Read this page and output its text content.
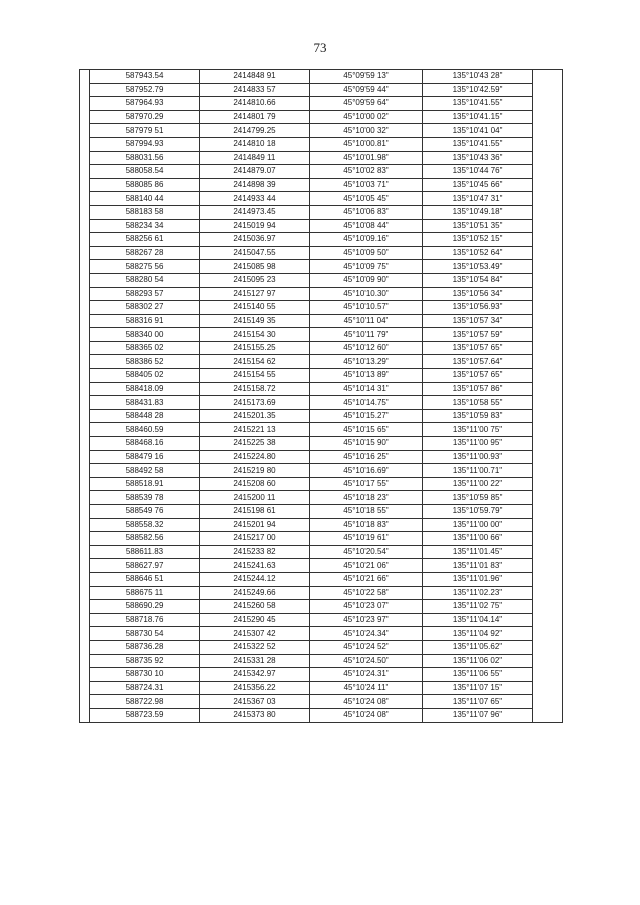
73
	587943.54	2414848 91	45°09'59 13"	135°10'43 28"	
	587952.79	2414833 57	45°09'59 44"	135°10'42.59"	
	587964.93	2414810.66	45°09'59 64"	135°10'41.55"	
	587970.29	2414801 79	45°10'00 02"	135°10'41.15"	
	587979 51	2414799.25	45°10'00 32"	135°10'41 04"	
	587994.93	2414810 18	45°10'00.81"	135°10'41.55"	
	588031.56	2414849 11	45°10'01.98"	135°10'43 36"	
	588058.54	2414879.07	45°10'02 83"	135°10'44 76"	
	588085 86	2414898 39	45°10'03 71"	135°10'45 66"	
	588140 44	2414933 44	45°10'05 45"	135°10'47 31"	
	588183 58	2414973.45	45°10'06 83"	135°10'49.18"	
	588234 34	2415019 94	45°10'08 44"	135°10'51 35"	
	588256 61	2415036.97	45°10'09.16"	135°10'52 15"	
	588267 28	2415047.55	45°10'09 50"	135°10'52 64"	
	588275 56	2415085 98	45°10'09 75"	135°10'53.49"	
	588280 54	2415095 23	45°10'09 90"	135°10'54 84"	
	588293 57	2415127 97	45°10'10.30"	135°10'56 34"	
	588302 27	2415140 55	45°10'10.57"	135°10'56.93"	
	588316 91	2415149 35	45°10'11 04"	135°10'57 34"	
	588340 00	2415154 30	45°10'11 79"	135°10'57 59"	
	588365 02	2415155.25	45°10'12 60"	135°10'57 65"	
	588386 52	2415154 62	45°10'13.29"	135°10'57.64"	
	588405 02	2415154 55	45°10'13 89"	135°10'57 65"	
	588418.09	2415158.72	45°10'14 31"	135°10'57 86"	
	588431.83	2415173.69	45°10'14.75"	135°10'58 55"	
	588448 28	2415201.35	45°10'15.27"	135°10'59 83"	
	588460.59	2415221 13	45°10'15 65"	135°11'00 75"	
	588468.16	2415225 38	45°10'15 90"	135°11'00 95"	
	588479 16	2415224.80	45°10'16 25"	135°11'00.93"	
	588492 58	2415219 80	45°10'16.69"	135°11'00.71"	
	588518.91	2415208 60	45°10'17 55"	135°11'00 22"	
	588539 78	2415200 11	45°10'18 23"	135°10'59 85"	
	588549 76	2415198 61	45°10'18 55"	135°10'59.79"	
	588558.32	2415201 94	45°10'18 83"	135°11'00 00"	
	588582.56	2415217 00	45°10'19 61"	135°11'00 66"	
	588611.83	2415233 82	45°10'20.54"	135°11'01.45"	
	588627.97	2415241.63	45°10'21 06"	135°11'01 83"	
	588646 51	2415244.12	45°10'21 66"	135°11'01.96"	
	588675 11	2415249.66	45°10'22 58"	135°11'02.23"	
	588690.29	2415260 58	45°10'23 07"	135°11'02 75"	
	588718.76	2415290 45	45°10'23 97"	135°11'04.14"	
	588730 54	2415307 42	45°10'24.34"	135°11'04 92"	
	588736.28	2415322 52	45°10'24 52"	135°11'05.62"	
	588735 92	2415331 28	45°10'24.50"	135°11'06 02"	
	588730 10	2415342.97	45°10'24.31"	135°11'06 55"	
	588724.31	2415356.22	45°10'24 11"	135°11'07 15"	
	588722.98	2415367 03	45°10'24 08"	135°11'07 65"	
	588723.59	2415373 80	45°10'24 08"	135°11'07 96"	
